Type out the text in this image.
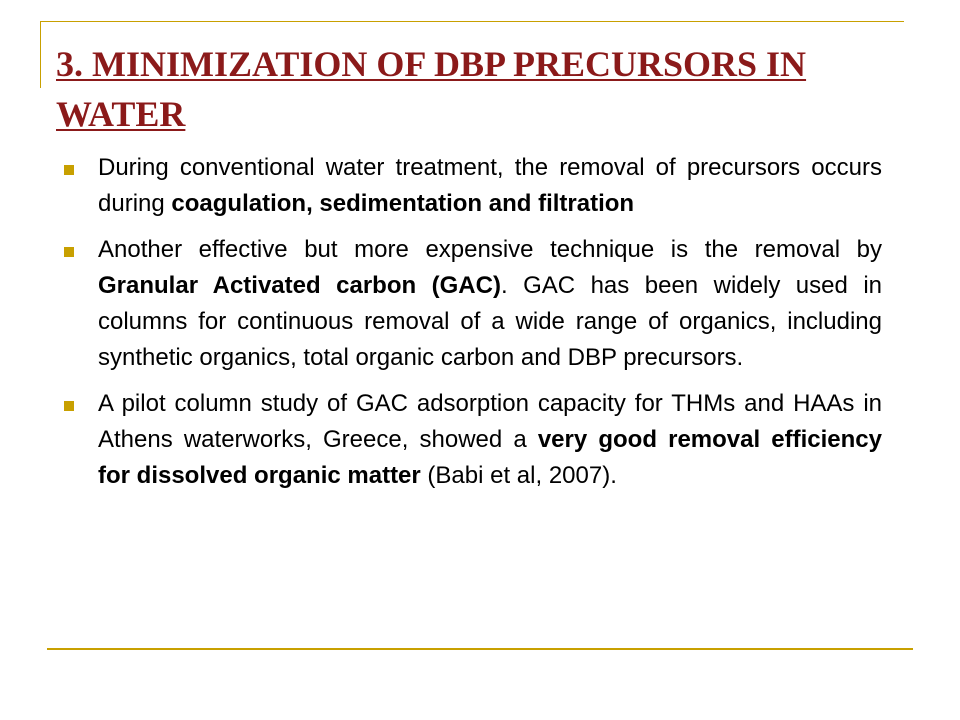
3. MINIMIZATION OF DBP PRECURSORS IN WATER
During conventional water treatment, the removal of precursors occurs during coagulation, sedimentation and filtration
Another effective but more expensive technique is the removal by Granular Activated carbon (GAC). GAC has been widely used in columns for continuous removal of a wide range of organics, including synthetic organics, total organic carbon and DBP precursors.
A pilot column study of GAC adsorption capacity for THMs and HAAs in Athens waterworks, Greece, showed a very good removal efficiency for dissolved organic matter (Babi et al, 2007).
